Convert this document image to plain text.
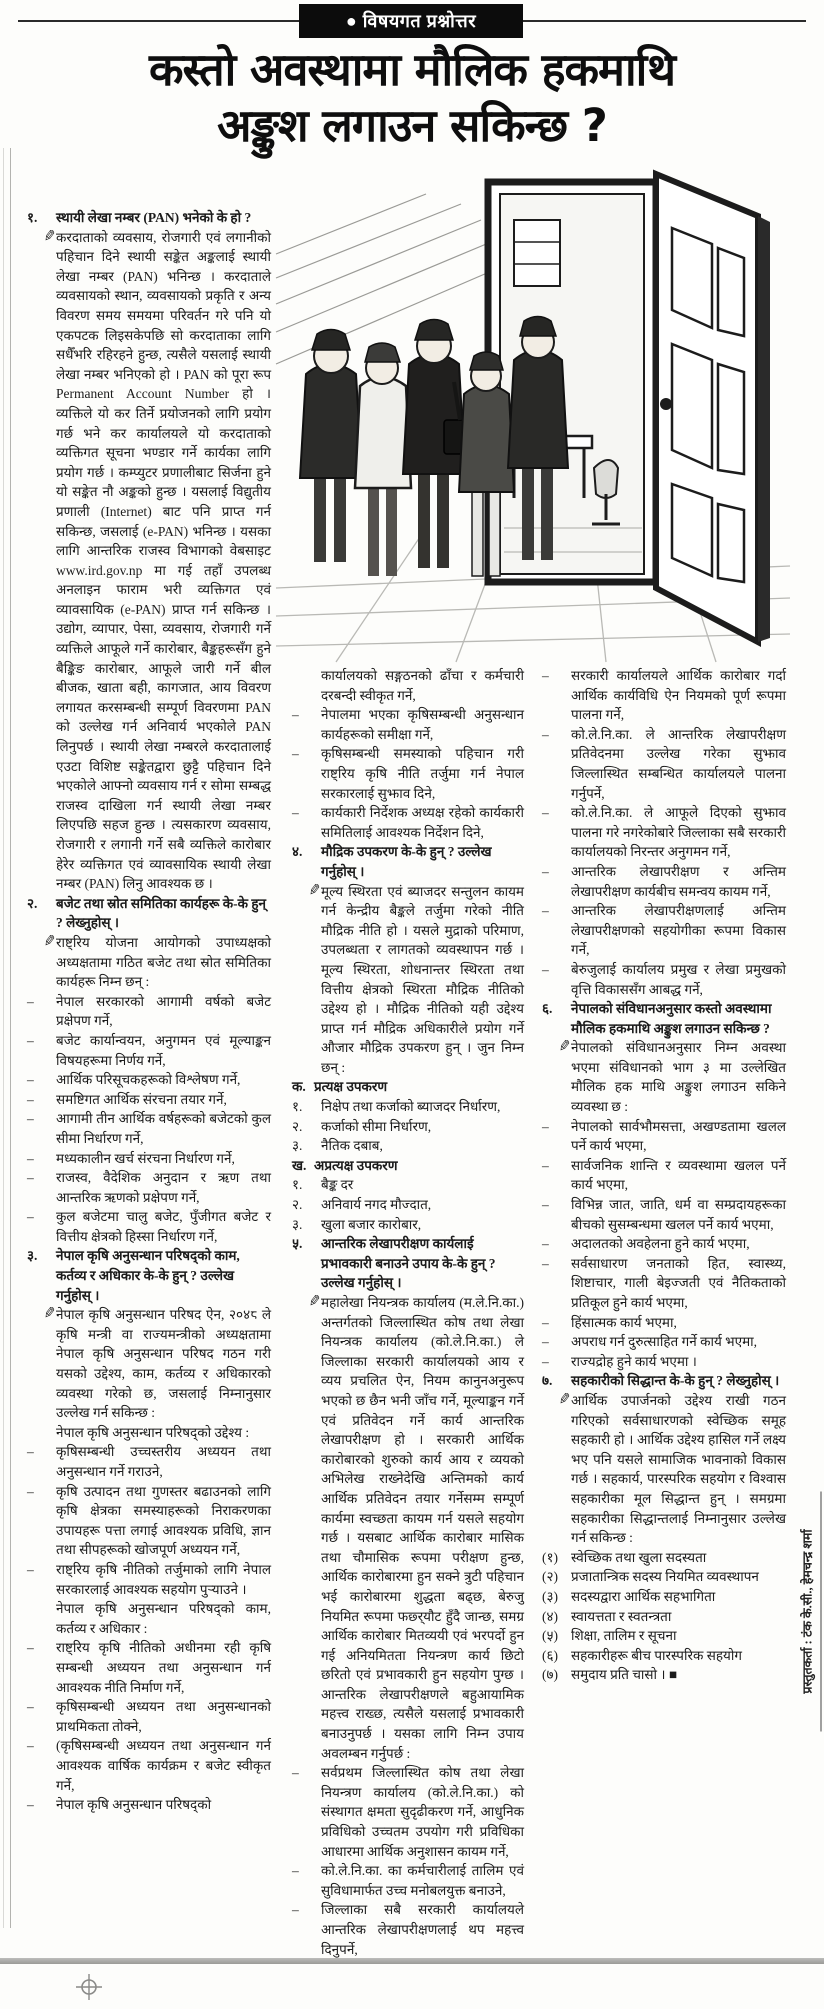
● विषयगत प्रश्नोत्तर
कस्तो अवस्थामा मौलिक हकमाथि
अङ्कुश लगाउन सकिन्छ ?
१.	स्थायी लेखा नम्बर (PAN) भनेको के हो ?
✎
करदाताको व्यवसाय, रोजगारी एवं लगानीको पहिचान दिने स्थायी सङ्केत अङ्कलाई स्थायी लेखा नम्बर (PAN) भनिन्छ । करदाताले व्यवसायको स्थान, व्यवसायको प्रकृति र अन्य विवरण समय समयमा परिवर्तन गरे पनि यो एकपटक लिइसकेपछि सो करदाताका लागि सधैँभरि रहिरहने हुन्छ, त्यसैले यसलाई स्थायी लेखा नम्बर भनिएको हो । PAN को पूरा रूप Permanent Account Number हो । व्यक्तिले यो कर तिर्ने प्रयोजनको लागि प्रयोग गर्छ भने कर कार्यालयले यो करदाताको व्यक्तिगत सूचना भण्डार गर्ने कार्यका लागि प्रयोग गर्छ । कम्प्युटर प्रणालीबाट सिर्जना हुने यो सङ्केत नौ अङ्कको हुन्छ । यसलाई विद्युतीय प्रणाली (Internet) बाट पनि प्राप्त गर्न सकिन्छ, जसलाई (e-PAN) भनिन्छ । यसका लागि आन्तरिक राजस्व विभागको वेबसाइट www.ird.gov.np मा गई तहाँ उपलब्ध अनलाइन फाराम भरी व्यक्तिगत एवं व्यावसायिक (e-PAN) प्राप्त गर्न सकिन्छ । उद्योग, व्यापार, पेसा, व्यवसाय, रोजगारी गर्ने व्यक्तिले आफूले गर्ने कारोबार, बैङ्कहरूसँग हुने बैङ्किङ कारोबार, आफूले जारी गर्ने बील बीजक, खाता बही, कागजात, आय विवरण लगायत करसम्बन्धी सम्पूर्ण विवरणमा PAN को उल्लेख गर्न अनिवार्य भएकोले PAN लिनुपर्छ । स्थायी लेखा नम्बरले करदातालाई एउटा विशिष्ट सङ्केतद्वारा छुट्टै पहिचान दिने भएकोले आफ्नो व्यवसाय गर्न र सोमा सम्बद्ध राजस्व दाखिला गर्न स्थायी लेखा नम्बर लिएपछि सहज हुन्छ । त्यसकारण व्यवसाय, रोजगारी र लगानी गर्ने सबै व्यक्तिले कारोबार हेरेर व्यक्तिगत एवं व्यावसायिक स्थायी लेखा नम्बर (PAN) लिनु आवश्यक छ ।
२.	बजेट तथा स्रोत समितिका कार्यहरू के-के हुन् ? लेख्नुहोस् ।
✎
राष्ट्रिय योजना आयोगको उपाध्यक्षको अध्यक्षतामा गठित बजेट तथा स्रोत समितिका कार्यहरू निम्न छन् :
–	नेपाल सरकारको आगामी वर्षको बजेट प्रक्षेपण गर्ने,
–	बजेट कार्यान्वयन, अनुगमन एवं मूल्याङ्कन विषयहरूमा निर्णय गर्ने,
–	आर्थिक परिसूचकहरूको विश्लेषण गर्ने,
–	समष्टिगत आर्थिक संरचना तयार गर्ने,
–	आगामी तीन आर्थिक वर्षहरूको बजेटको कुल सीमा निर्धारण गर्ने,
–	मध्यकालीन खर्च संरचना निर्धारण गर्ने,
–	राजस्व, वैदेशिक अनुदान र ऋण तथा आन्तरिक ऋणको प्रक्षेपण गर्ने,
–	कुल बजेटमा चालु बजेट, पुँजीगत बजेट र वित्तीय क्षेत्रको हिस्सा निर्धारण गर्ने,
३.	नेपाल कृषि अनुसन्धान परिषद्को काम, कर्तव्य र अधिकार के-के हुन् ? उल्लेख गर्नुहोस् ।
✎
नेपाल कृषि अनुसन्धान परिषद ऐन, २०४८ ले कृषि मन्त्री वा राज्यमन्त्रीको अध्यक्षतामा नेपाल कृषि अनुसन्धान परिषद गठन गरी यसको उद्देश्य, काम, कर्तव्य र अधिकारको व्यवस्था गरेको छ, जसलाई निम्नानुसार उल्लेख गर्न सकिन्छ :
नेपाल कृषि अनुसन्धान परिषद्को उद्देश्य :
–	कृषिसम्बन्धी उच्चस्तरीय अध्ययन तथा अनुसन्धान गर्ने गराउने,
–	कृषि उत्पादन तथा गुणस्तर बढाउनको लागि कृषि क्षेत्रका समस्याहरूको निराकरणका उपायहरू पत्ता लगाई आवश्यक प्रविधि, ज्ञान तथा सीपहरूको खोजपूर्ण अध्ययन गर्ने,
–	राष्ट्रिय कृषि नीतिको तर्जुमाको लागि नेपाल सरकारलाई आवश्यक सहयोग पुऱ्याउने ।
नेपाल कृषि अनुसन्धान परिषद्को काम, कर्तव्य र अधिकार :
–	राष्ट्रिय कृषि नीतिको अधीनमा रही कृषि सम्बन्धी अध्ययन तथा अनुसन्धान गर्न आवश्यक नीति निर्माण गर्ने,
–	कृषिसम्बन्धी अध्ययन तथा अनुसन्धानको प्राथमिकता तोक्ने,
–	(कृषिसम्बन्धी अध्ययन तथा अनुसन्धान गर्न आवश्यक वार्षिक कार्यक्रम र बजेट स्वीकृत गर्ने,
–	नेपाल कृषि अनुसन्धान परिषद्को
कार्यालयको सङ्गठनको ढाँचा र कर्मचारी दरबन्दी स्वीकृत गर्ने,
–	नेपालमा भएका कृषिसम्बन्धी अनुसन्धान कार्यहरूको समीक्षा गर्ने,
–	कृषिसम्बन्धी समस्याको पहिचान गरी राष्ट्रिय कृषि नीति तर्जुमा गर्न नेपाल सरकारलाई सुझाव दिने,
–	कार्यकारी निर्देशक अध्यक्ष रहेको कार्यकारी समितिलाई आवश्यक निर्देशन दिने,
४.	मौद्रिक उपकरण के-के हुन् ? उल्लेख गर्नुहोस् ।
✎
मूल्य स्थिरता एवं ब्याजदर सन्तुलन कायम गर्न केन्द्रीय बैङ्कले तर्जुमा गरेको नीति मौद्रिक नीति हो । यसले मुद्राको परिमाण, उपलब्धता र लागतको व्यवस्थापन गर्छ । मूल्य स्थिरता, शोधनान्तर स्थिरता तथा वित्तीय क्षेत्रको स्थिरता मौद्रिक नीतिको उद्देश्य हो । मौद्रिक नीतिको यही उद्देश्य प्राप्त गर्न मौद्रिक अधिकारीले प्रयोग गर्ने औजार मौद्रिक उपकरण हुन् । जुन निम्न छन् :
क. प्रत्यक्ष उपकरण
१.	निक्षेप तथा कर्जाको ब्याजदर निर्धारण,
२.	कर्जाको सीमा निर्धारण,
३.	नैतिक दबाब,
ख. अप्रत्यक्ष उपकरण
१.	बैङ्क दर
२.	अनिवार्य नगद मौज्दात,
३.	खुला बजार कारोबार,
५.	आन्तरिक लेखापरीक्षण कार्यलाई प्रभावकारी बनाउने उपाय के-के हुन् ? उल्लेख गर्नुहोस् ।
✎
महालेखा नियन्त्रक कार्यालय (म.ले.नि.का.) अन्तर्गतको जिल्लास्थित कोष तथा लेखा नियन्त्रक कार्यालय (को.ले.नि.का.) ले जिल्लाका सरकारी कार्यालयको आय र व्यय प्रचलित ऐन, नियम कानुनअनुरूप भएको छ छैन भनी जाँच गर्ने, मूल्याङ्कन गर्ने एवं प्रतिवेदन गर्ने कार्य आन्तरिक लेखापरीक्षण हो । सरकारी आर्थिक कारोबारको शुरुको कार्य आय र व्ययको अभिलेख राख्नेदेखि अन्तिमको कार्य आर्थिक प्रतिवेदन तयार गर्नेसम्म सम्पूर्ण कार्यमा स्वच्छता कायम गर्न यसले सहयोग गर्छ । यसबाट आर्थिक कारोबार मासिक तथा चौमासिक रूपमा परीक्षण हुन्छ, आर्थिक कारोबारमा हुन सक्ने त्रुटी पहिचान भई कारोबारमा शुद्धता बढ्छ, बेरुजु नियमित रूपमा फछ्र्यौट हुँदै जान्छ, समग्र आर्थिक कारोबार मितव्ययी एवं भरपर्दो हुन गई अनियमितता नियन्त्रण कार्य छिटो छरितो एवं प्रभावकारी हुन सहयोग पुग्छ । आन्तरिक लेखापरीक्षणले बहुआयामिक महत्त्व राख्छ, त्यसैले यसलाई प्रभावकारी बनाउनुपर्छ । यसका लागि निम्न उपाय अवलम्बन गर्नुपर्छ :
–	सर्वप्रथम जिल्लास्थित कोष तथा लेखा नियन्त्रण कार्यालय (को.ले.नि.का.) को संस्थागत क्षमता सुदृढीकरण गर्ने, आधुनिक प्रविधिको उच्चतम उपयोग गरी प्रविधिका आधारमा आर्थिक अनुशासन कायम गर्ने,
–	को.ले.नि.का. का कर्मचारीलाई तालिम एवं सुविधामार्फत उच्च मनोबलयुक्त बनाउने,
–	जिल्लाका सबै सरकारी कार्यालयले आन्तरिक लेखापरीक्षणलाई थप महत्त्व दिनुपर्ने,
–	सरकारी कार्यालयले आर्थिक कारोबार गर्दा आर्थिक कार्यविधि ऐन नियमको पूर्ण रूपमा पालना गर्ने,
–	को.ले.नि.का. ले आन्तरिक लेखापरीक्षण प्रतिवेदनमा उल्लेख गरेका सुझाव जिल्लास्थित सम्बन्धित कार्यालयले पालना गर्नुपर्ने,
–	को.ले.नि.का. ले आफूले दिएको सुझाव पालना गरे नगरेकोबारे जिल्लाका सबै सरकारी कार्यालयको निरन्तर अनुगमन गर्ने,
–	आन्तरिक लेखापरीक्षण र अन्तिम लेखापरीक्षण कार्यबीच समन्वय कायम गर्ने,
–	आन्तरिक लेखापरीक्षणलाई अन्तिम लेखापरीक्षणको सहयोगीका रूपमा विकास गर्ने,
–	बेरुजुलाई कार्यालय प्रमुख र लेखा प्रमुखको वृत्ति विकाससँग आबद्ध गर्ने,
६.	नेपालको संविधानअनुसार कस्तो अवस्थामा मौलिक हकमाथि अङ्कुश लगाउन सकिन्छ ?
✎
नेपालको संविधानअनुसार निम्न अवस्था भएमा संविधानको भाग ३ मा उल्लेखित मौलिक हक माथि अङ्कुश लगाउन सकिने व्यवस्था छ :
–	नेपालको सार्वभौमसत्ता, अखण्डतामा खलल पर्ने कार्य भएमा,
–	सार्वजनिक शान्ति र व्यवस्थामा खलल पर्ने कार्य भएमा,
–	विभिन्न जात, जाति, धर्म वा सम्प्रदायहरूका बीचको सुसम्बन्धमा खलल पर्ने कार्य भएमा,
–	अदालतको अवहेलना हुने कार्य भएमा,
–	सर्वसाधारण जनताको हित, स्वास्थ्य, शिष्टाचार, गाली बेइज्जती एवं नैतिकताको प्रतिकूल हुने कार्य भएमा,
–	हिंसात्मक कार्य भएमा,
–	अपराध गर्न दुरुत्साहित गर्ने कार्य भएमा,
–	राज्यद्रोह हुने कार्य भएमा ।
७.	सहकारीको सिद्धान्त के-के हुन् ? लेख्नुहोस् ।
✎
आर्थिक उपार्जनको उद्देश्य राखी गठन गरिएको सर्वसाधारणको स्वेच्छिक समूह सहकारी हो । आर्थिक उद्देश्य हासिल गर्ने लक्ष्य भए पनि यसले सामाजिक भावनाको विकास गर्छ । सहकार्य, पारस्परिक सहयोग र विश्वास सहकारीका मूल सिद्धान्त हुन् । समग्रमा सहकारीका सिद्धान्तलाई निम्नानुसार उल्लेख गर्न सकिन्छ :
(१) स्वेच्छिक तथा खुला सदस्यता
(२) प्रजातान्त्रिक सदस्य नियमित व्यवस्थापन
(३) सदस्यद्वारा आर्थिक सहभागिता
(४) स्वायत्तता र स्वतन्त्रता
(५) शिक्षा, तालिम र सूचना
(६) सहकारीहरू बीच पारस्परिक सहयोग
(७) समुदाय प्रति चासो । ■	प्रस्तुतकर्ता : टंक के.सी., हेमचन्द्र शर्मा
